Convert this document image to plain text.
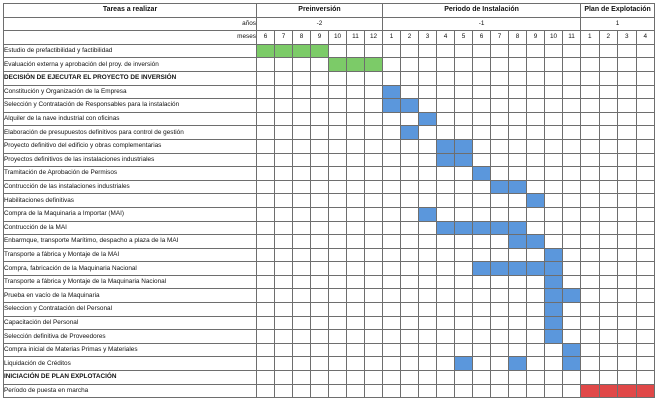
Tareas a realizar	Preinversión							Periodo de Instalación											Plan de Explotación			
años	-2							-1											1			
meses	6	7	8	9	10	11	12	1	2	3	4	5	6	7	8	9	10	11	1	2	3	4
Estudio de prefactibilidad y factibilidad																						
Evaluación externa y aprobación del proy. de inversión																						
DECISIÓN DE EJECUTAR EL PROYECTO DE INVERSIÓN																						
Constitución y Organización de la Empresa																						
Selección y Contratación de Responsables para la instalación																						
Alquiler de la nave industrial con oficinas																						
Elaboración de presupuestos definitivos para control de gestión																						
Proyecto definitivo del edificio y obras complementarias																						
Proyectos definitivos de las instalaciones industriales																						
Tramitación de Aprobación de Permisos																						
Contrucción de las instalaciones industriales																						
Habilitaciones definitivas																						
Compra de la Maquinaria a Importar (MAI)																						
Contrucción de la MAI																						
Enbarmque, transporte Marítimo, despacho a plaza de la MAI																						
Transporte a fábrica y Montaje de la MAI																						
Compra, fabricación de la Maquinaria Nacional																						
Transporte a fábrica y Montaje de la Maquinaria Nacional																						
Prueba en vacío de la Maquinaria																						
Seleccion y Contratación del Personal																						
Capacitación del Personal																						
Selección definitiva de Proveedores																						
Compra inicial de Materias Primas y Materiales																						
Liquidación de Créditos																						
INICIACIÓN DE PLAN EXPLOTACIÓN																						
Período de puesta en marcha																						
